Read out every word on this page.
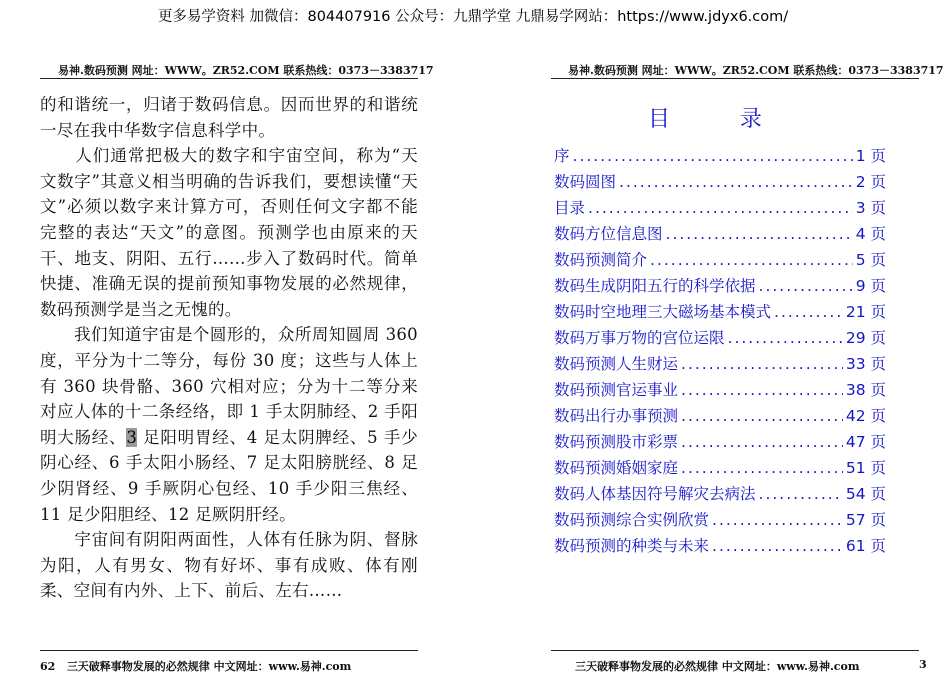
更多易学资料 加微信：804407916 公众号：九鼎学堂 九鼎易学网站：https://www.jdyx6.com/
易神.数码预测 网址：WWW。ZR52.COM 联系热线：0373－3383717

的和谐统一，归诸于数码信息。因而世界的和谐统一尽在我中华数字信息科学中。

　　人们通常把极大的数字和宇宙空间，称为“天文数字”其意义相当明确的告诉我们，要想读懂“天文”必须以数字来计算方可，否则任何文字都不能完整的表达“天文”的意图。预测学也由原来的天干、地支、阴阳、五行……步入了数码时代。简单快捷、准确无误的提前预知事物发展的必然规律，数码预测学是当之无愧的。

　　我们知道宇宙是个圆形的，众所周知圆周 360 度，平分为十二等分，每份 30 度；这些与人体上有 360 块骨骼、360 穴相对应；分为十二等分来对应人体的十二条经络，即 1 手太阴肺经、2 手阳明大肠经、3 足阳明胃经、4 足太阴脾经、5 手少阴心经、6 手太阳小肠经、7 足太阳膀胱经、8 足少阴肾经、9 手厥阴心包经、10 手少阳三焦经、11 足少阳胆经、12 足厥阴肝经。

　　宇宙间有阴阳两面性，人体有任脉为阴、督脉为阳，人有男女、物有好坏、事有成败、体有刚柔、空间有内外、上下、前后、左右……

62 三天破释事物发展的必然规律 中文网址：www.易神.com
易神.数码预测 网址：WWW。ZR52.COM 联系热线：0373－3383717
目          录
序 .....	1 页
数码圆图 .....	2 页
目录 .....	3 页
数码方位信息图 .....	4 页
数码预测简介 .....	5 页
数码生成阴阳五行的科学依据 .....	9 页
数码时空地理三大磁场基本模式 .....	21 页
数码万事万物的宫位运限 .....	29 页
数码预测人生财运 .....	33 页
数码预测官运事业 .....	38 页
数码出行办事预测 .....	42 页
数码预测股市彩票 .....	47 页
数码预测婚姻家庭 .....	51 页
数码人体基因符号解灾去病法 .....	54 页
数码预测综合实例欣赏 .....	57 页
数码预测的种类与未来 .....	61 页
三天破释事物发展的必然规律 中文网址：www.易神.com	3
